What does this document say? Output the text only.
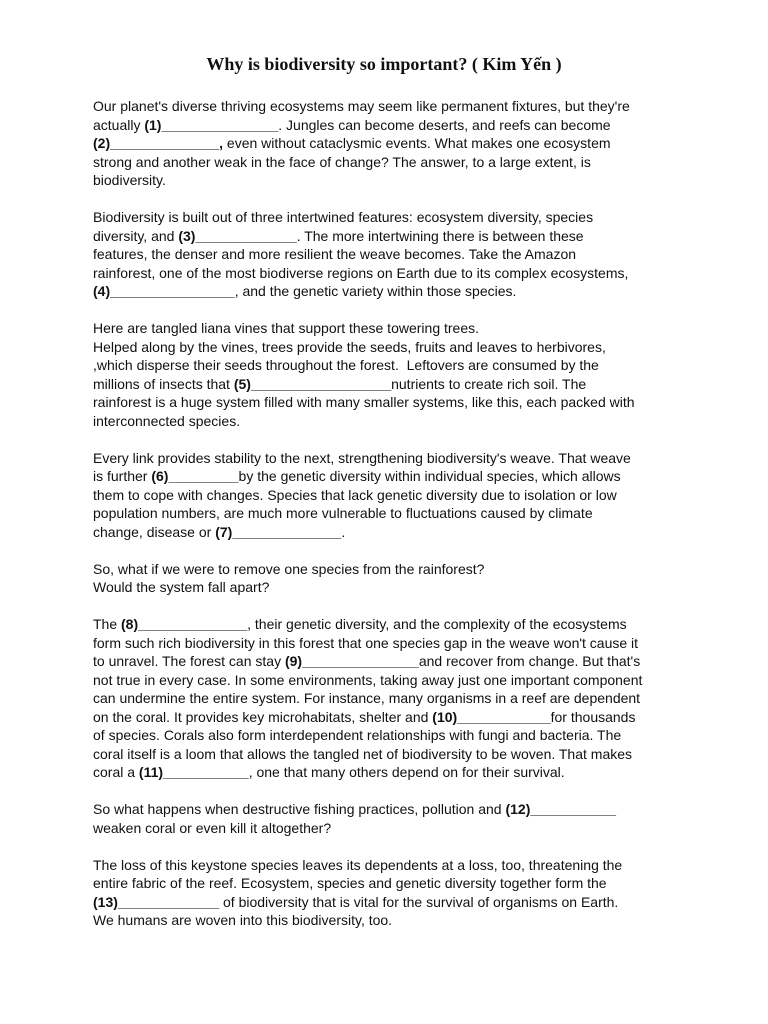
Why is biodiversity so important? ( Kim Yến )
Our planet's diverse thriving ecosystems may seem like permanent fixtures, but they're
actually (1)_______________. Jungles can become deserts, and reefs can become
(2)______________, even without cataclysmic events. What makes one ecosystem
strong and another weak in the face of change? The answer, to a large extent, is
biodiversity.
Biodiversity is built out of three intertwined features: ecosystem diversity, species
diversity, and (3)_____________. The more intertwining there is between these
features, the denser and more resilient the weave becomes. Take the Amazon
rainforest, one of the most biodiverse regions on Earth due to its complex ecosystems,
(4)________________, and the genetic variety within those species.
Here are tangled liana vines that support these towering trees.
Helped along by the vines, trees provide the seeds, fruits and leaves to herbivores,
,which disperse their seeds throughout the forest.  Leftovers are consumed by the
millions of insects that (5)__________________nutrients to create rich soil. The
rainforest is a huge system filled with many smaller systems, like this, each packed with
interconnected species.
Every link provides stability to the next, strengthening biodiversity's weave. That weave
is further (6)_________by the genetic diversity within individual species, which allows
them to cope with changes. Species that lack genetic diversity due to isolation or low
population numbers, are much more vulnerable to fluctuations caused by climate
change, disease or (7)______________.
So, what if we were to remove one species from the rainforest?
Would the system fall apart?
The (8)______________, their genetic diversity, and the complexity of the ecosystems
form such rich biodiversity in this forest that one species gap in the weave won't cause it
to unravel. The forest can stay (9)_______________and recover from change. But that's
not true in every case. In some environments, taking away just one important component
can undermine the entire system. For instance, many organisms in a reef are dependent
on the coral. It provides key microhabitats, shelter and (10)____________for thousands
of species. Corals also form interdependent relationships with fungi and bacteria. The
coral itself is a loom that allows the tangled net of biodiversity to be woven. That makes
coral a (11)___________, one that many others depend on for their survival.
So what happens when destructive fishing practices, pollution and (12)___________
weaken coral or even kill it altogether?
The loss of this keystone species leaves its dependents at a loss, too, threatening the
entire fabric of the reef. Ecosystem, species and genetic diversity together form the
(13)_____________ of biodiversity that is vital for the survival of organisms on Earth.
We humans are woven into this biodiversity, too.
